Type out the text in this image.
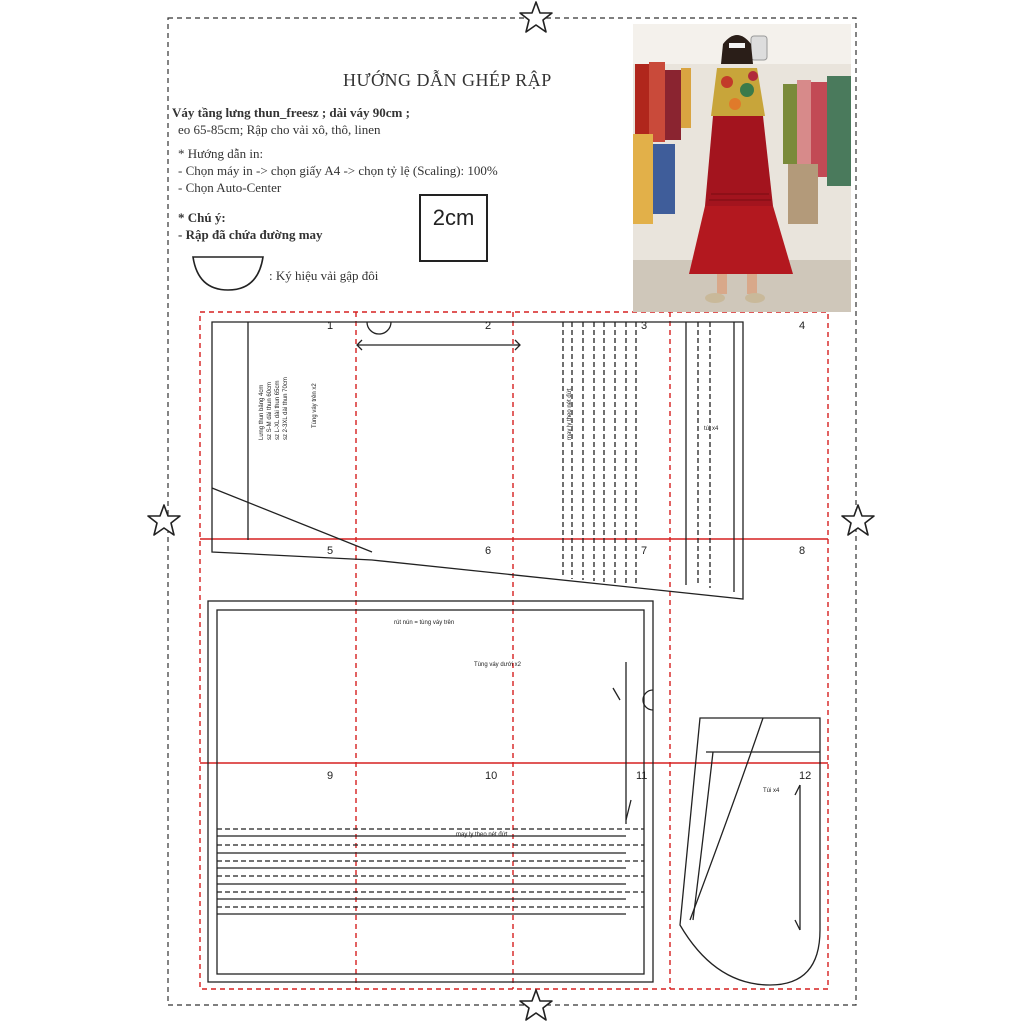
HƯỚNG DẪN GHÉP RẬP
Váy tầng lưng thun_freesz ; dài váy 90cm ;
eo 65-85cm; Rập cho vải xô, thô, linen
* Hướng dẫn in:
- Chọn máy in -> chọn giấy A4 -> chọn tỷ lệ (Scaling): 100%
- Chọn Auto-Center
* Chú ý:
- Rập đã chứa đường may
2cm
: Ký hiệu vải gập đôi
1	2	3	4
5	6	7	8
9	10	11	12
Lưng thun bảng 4cm sz S-M dài thun 60cm sz L-XL dài thun 65cm sz 2-3XL dài thun 70cm	Tùng váy trên x2	may ly theo nét đứt	túi x4
rút nún = tùng váy trên
Tùng váy dưới x2
may ly theo nét đứt
Túi x4
